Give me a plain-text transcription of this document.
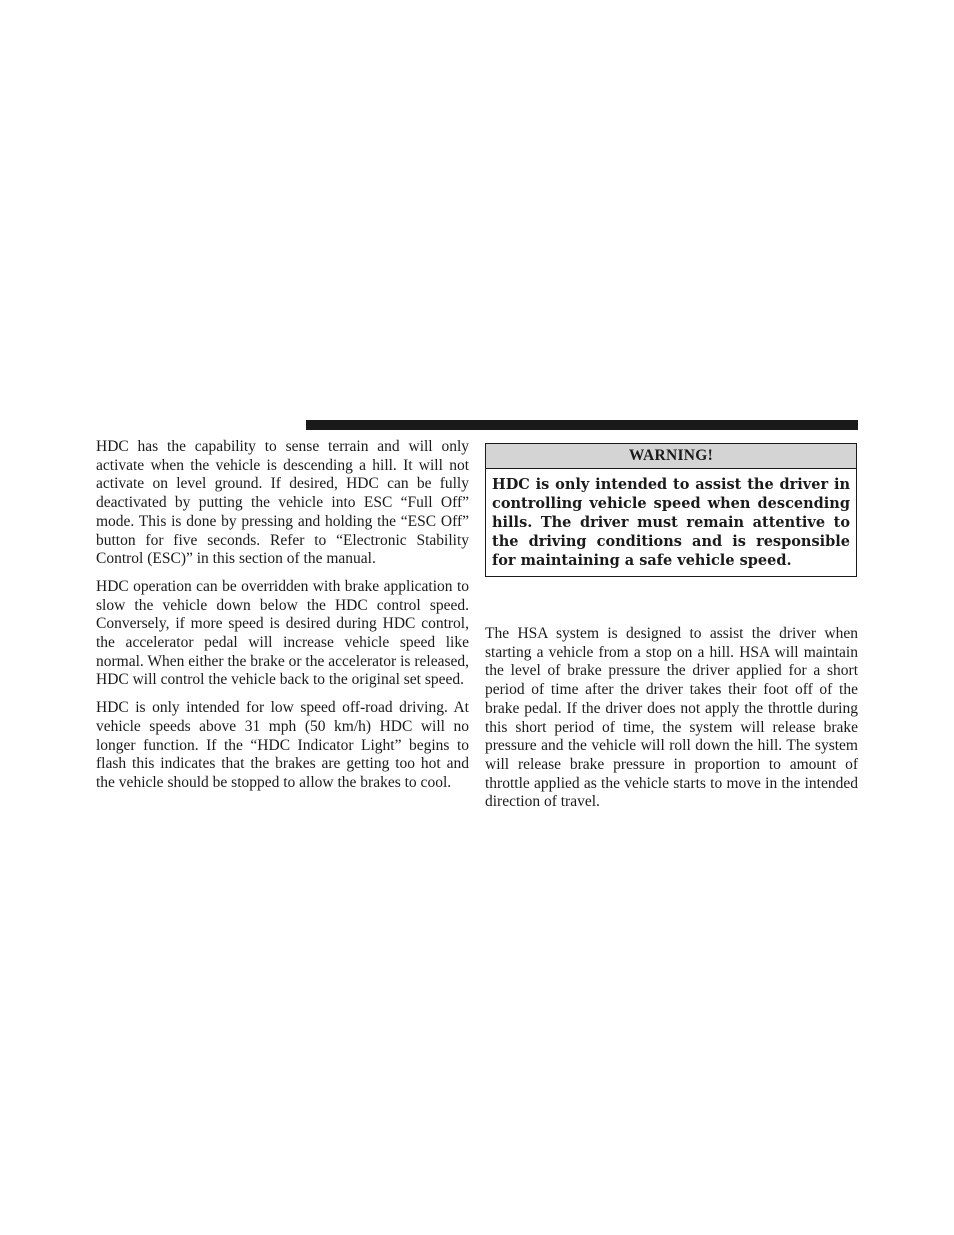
HDC has the capability to sense terrain and will only activate when the vehicle is descending a hill. It will not activate on level ground. If desired, HDC can be fully deactivated by putting the vehicle into ESC “Full Off” mode. This is done by pressing and holding the “ESC Off” button for five seconds. Refer to “Electronic Stability Control (ESC)” in this section of the manual.

HDC operation can be overridden with brake application to slow the vehicle down below the HDC control speed. Conversely, if more speed is desired during HDC control, the accelerator pedal will increase vehicle speed like normal. When either the brake or the accelerator is released, HDC will control the vehicle back to the original set speed.

HDC is only intended for low speed off-road driving. At vehicle speeds above 31 mph (50 km/h) HDC will no longer function. If the “HDC Indicator Light” begins to flash this indicates that the brakes are getting too hot and the vehicle should be stopped to allow the brakes to cool.

WARNING!
HDC is only intended to assist the driver in controlling vehicle speed when descending hills. The driver must remain attentive to the driving conditions and is responsible for maintaining a safe vehicle speed.

The HSA system is designed to assist the driver when starting a vehicle from a stop on a hill. HSA will maintain the level of brake pressure the driver applied for a short period of time after the driver takes their foot off of the brake pedal. If the driver does not apply the throttle during this short period of time, the system will release brake pressure and the vehicle will roll down the hill. The system will release brake pressure in proportion to amount of throttle applied as the vehicle starts to move in the intended direction of travel.
